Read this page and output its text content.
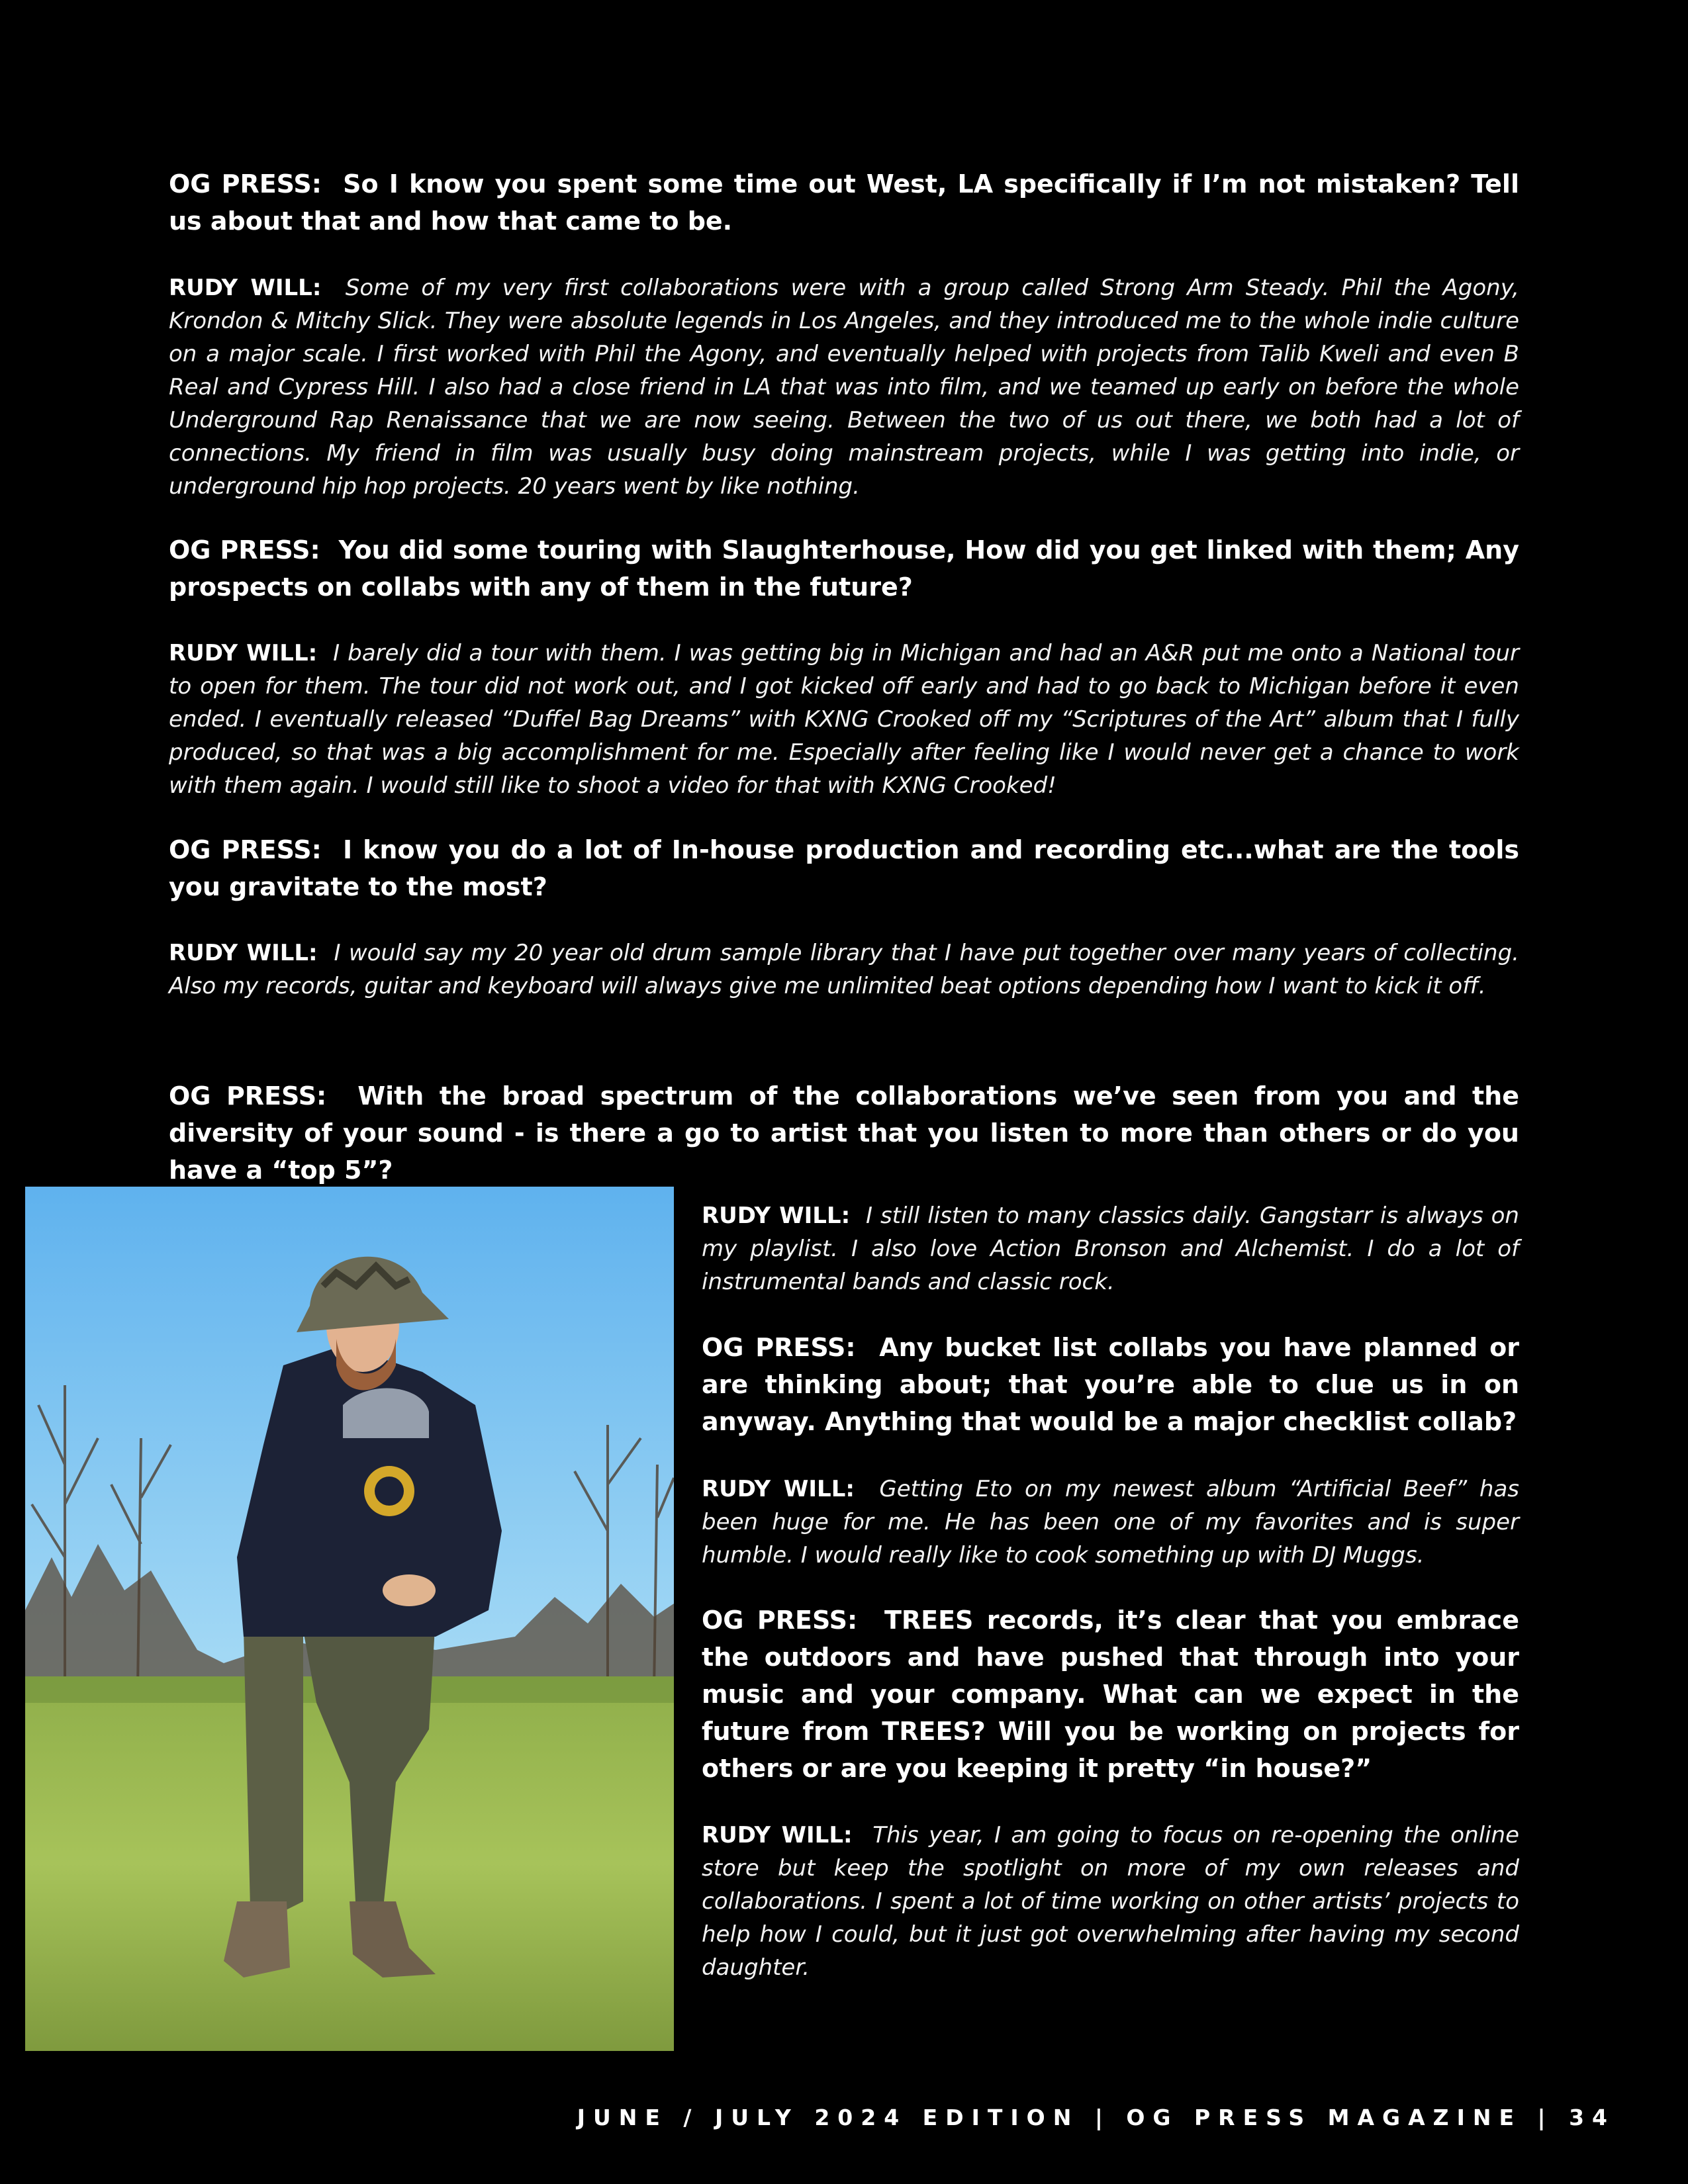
OG PRESS: So I know you spent some time out West, LA specifically if I’m not mistaken? Tell us about that and how that came to be.
RUDY WILL: Some of my very first collaborations were with a group called Strong Arm Steady. Phil the Agony, Krondon & Mitchy Slick. They were absolute legends in Los Angeles, and they introduced me to the whole indie culture on a major scale. I first worked with Phil the Agony, and eventually helped with projects from Talib Kweli and even B Real and Cypress Hill. I also had a close friend in LA that was into film, and we teamed up early on before the whole Underground Rap Renaissance that we are now seeing. Between the two of us out there, we both had a lot of connections. My friend in film was usually busy doing mainstream projects, while I was getting into indie, or underground hip hop projects. 20 years went by like nothing.
OG PRESS: You did some touring with Slaughterhouse, How did you get linked with them; Any prospects on collabs with any of them in the future?
RUDY WILL: I barely did a tour with them. I was getting big in Michigan and had an A&R put me onto a National tour to open for them. The tour did not work out, and I got kicked off early and had to go back to Michigan before it even ended. I eventually released “Duffel Bag Dreams” with KXNG Crooked off my “Scriptures of the Art” album that I fully produced, so that was a big accomplishment for me. Especially after feeling like I would never get a chance to work with them again. I would still like to shoot a video for that with KXNG Crooked!
OG PRESS: I know you do a lot of In-house production and recording etc...what are the tools you gravitate to the most?
RUDY WILL: I would say my 20 year old drum sample library that I have put together over many years of collecting. Also my records, guitar and keyboard will always give me unlimited beat options depending how I want to kick it off.
OG PRESS: With the broad spectrum of the collaborations we’ve seen from you and the diversity of your sound - is there a go to artist that you listen to more than others or do you have a “top 5”?
RUDY WILL: I still listen to many classics daily. Gangstarr is always on my playlist. I also love Action Bronson and Alchemist. I do a lot of instrumental bands and classic rock.
OG PRESS: Any bucket list collabs you have planned or are thinking about; that you’re able to clue us in on anyway. Anything that would be a major checklist collab?
RUDY WILL: Getting Eto on my newest album “Artificial Beef” has been huge for me. He has been one of my favorites and is super humble. I would really like to cook something up with DJ Muggs.
OG PRESS: TREES records, it’s clear that you embrace the outdoors and have pushed that through into your music and your company. What can we expect in the future from TREES? Will you be working on projects for others or are you keeping it pretty “in house?”
RUDY WILL: This year, I am going to focus on re-opening the online store but keep the spotlight on more of my own releases and collaborations. I spent a lot of time working on other artists’ projects to help how I could, but it just got overwhelming after having my second daughter.
JUNE / JULY 2024 EDITION | OG PRESS MAGAZINE | 34
